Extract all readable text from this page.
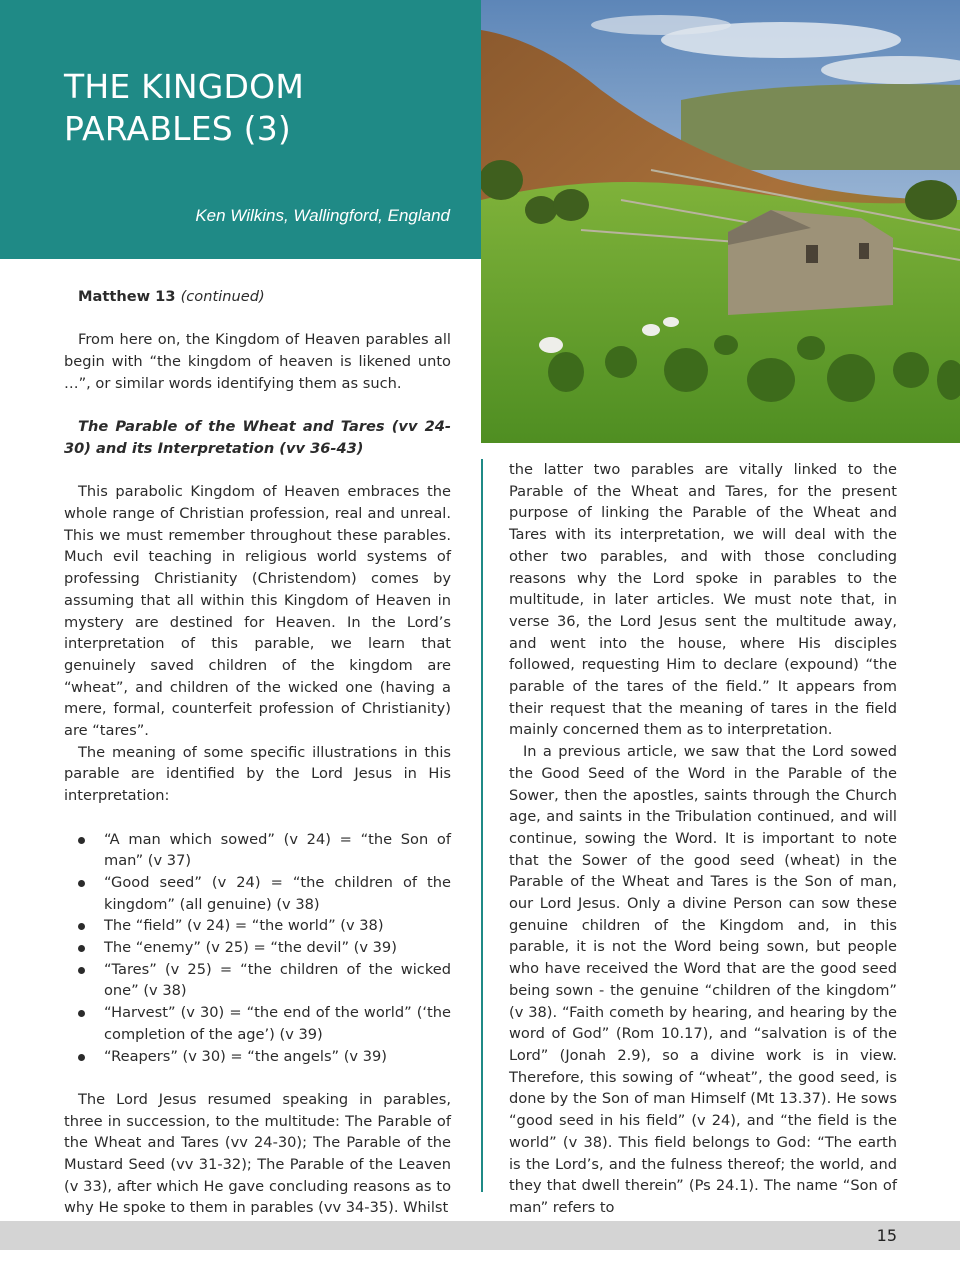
THE KINGDOM PARABLES (3)
Ken Wilkins, Wallingford, England

Matthew 13 (continued)

From here on, the Kingdom of Heaven parables all begin with “the kingdom of heaven is likened unto …”, or similar words identifying them as such.

The Parable of the Wheat and Tares (vv 24-30) and its Interpretation (vv 36-43)

This parabolic Kingdom of Heaven embraces the whole range of Christian profession, real and unreal. This we must remember throughout these parables. Much evil teaching in religious world systems of professing Christianity (Christendom) comes by assuming that all within this Kingdom of Heaven in mystery are destined for Heaven. In the Lord’s interpretation of this parable, we learn that genuinely saved children of the kingdom are “wheat”, and children of the wicked one (having a mere, formal, counterfeit profession of Christianity) are “tares”.

The meaning of some specific illustrations in this parable are identified by the Lord Jesus in His interpretation:

“A man which sowed” (v 24) = “the Son of man” (v 37)
“Good seed” (v 24) = “the children of the kingdom” (all genuine) (v 38)
The “field” (v 24) = “the world” (v 38)
The “enemy” (v 25) = “the devil” (v 39)
“Tares” (v 25) = “the children of the wicked one” (v 38)
“Harvest” (v 30) = “the end of the world” (‘the completion of the age’) (v 39)
“Reapers” (v 30) = “the angels” (v 39)

The Lord Jesus resumed speaking in parables, three in succession, to the multitude: The Parable of the Wheat and Tares (vv 24-30); The Parable of the Mustard Seed (vv 31-32); The Parable of the Leaven (v 33), after which He gave concluding reasons as to why He spoke to them in parables (vv 34-35). Whilst

the latter two parables are vitally linked to the Parable of the Wheat and Tares, for the present purpose of linking the Parable of the Wheat and Tares with its interpretation, we will deal with the other two parables, and with those concluding reasons why the Lord spoke in parables to the multitude, in later articles. We must note that, in verse 36, the Lord Jesus sent the multitude away, and went into the house, where His disciples followed, requesting Him to declare (expound) “the parable of the tares of the field.” It appears from their request that the meaning of tares in the field mainly concerned them as to interpretation.

In a previous article, we saw that the Lord sowed the Good Seed of the Word in the Parable of the Sower, then the apostles, saints through the Church age, and saints in the Tribulation continued, and will continue, sowing the Word. It is important to note that the Sower of the good seed (wheat) in the Parable of the Wheat and Tares is the Son of man, our Lord Jesus. Only a divine Person can sow these genuine children of the Kingdom and, in this parable, it is not the Word being sown, but people who have received the Word that are the good seed being sown - the genuine “children of the kingdom” (v 38). “Faith cometh by hearing, and hearing by the word of God” (Rom 10.17), and “salvation is of the Lord” (Jonah 2.9), so a divine work is in view. Therefore, this sowing of “wheat”, the good seed, is done by the Son of man Himself (Mt 13.37). He sows “good seed in his field” (v 24), and “the field is the world” (v 38). This field belongs to God: “The earth is the Lord’s, and the fulness thereof; the world, and they that dwell therein” (Ps 24.1). The name “Son of man” refers to

15
